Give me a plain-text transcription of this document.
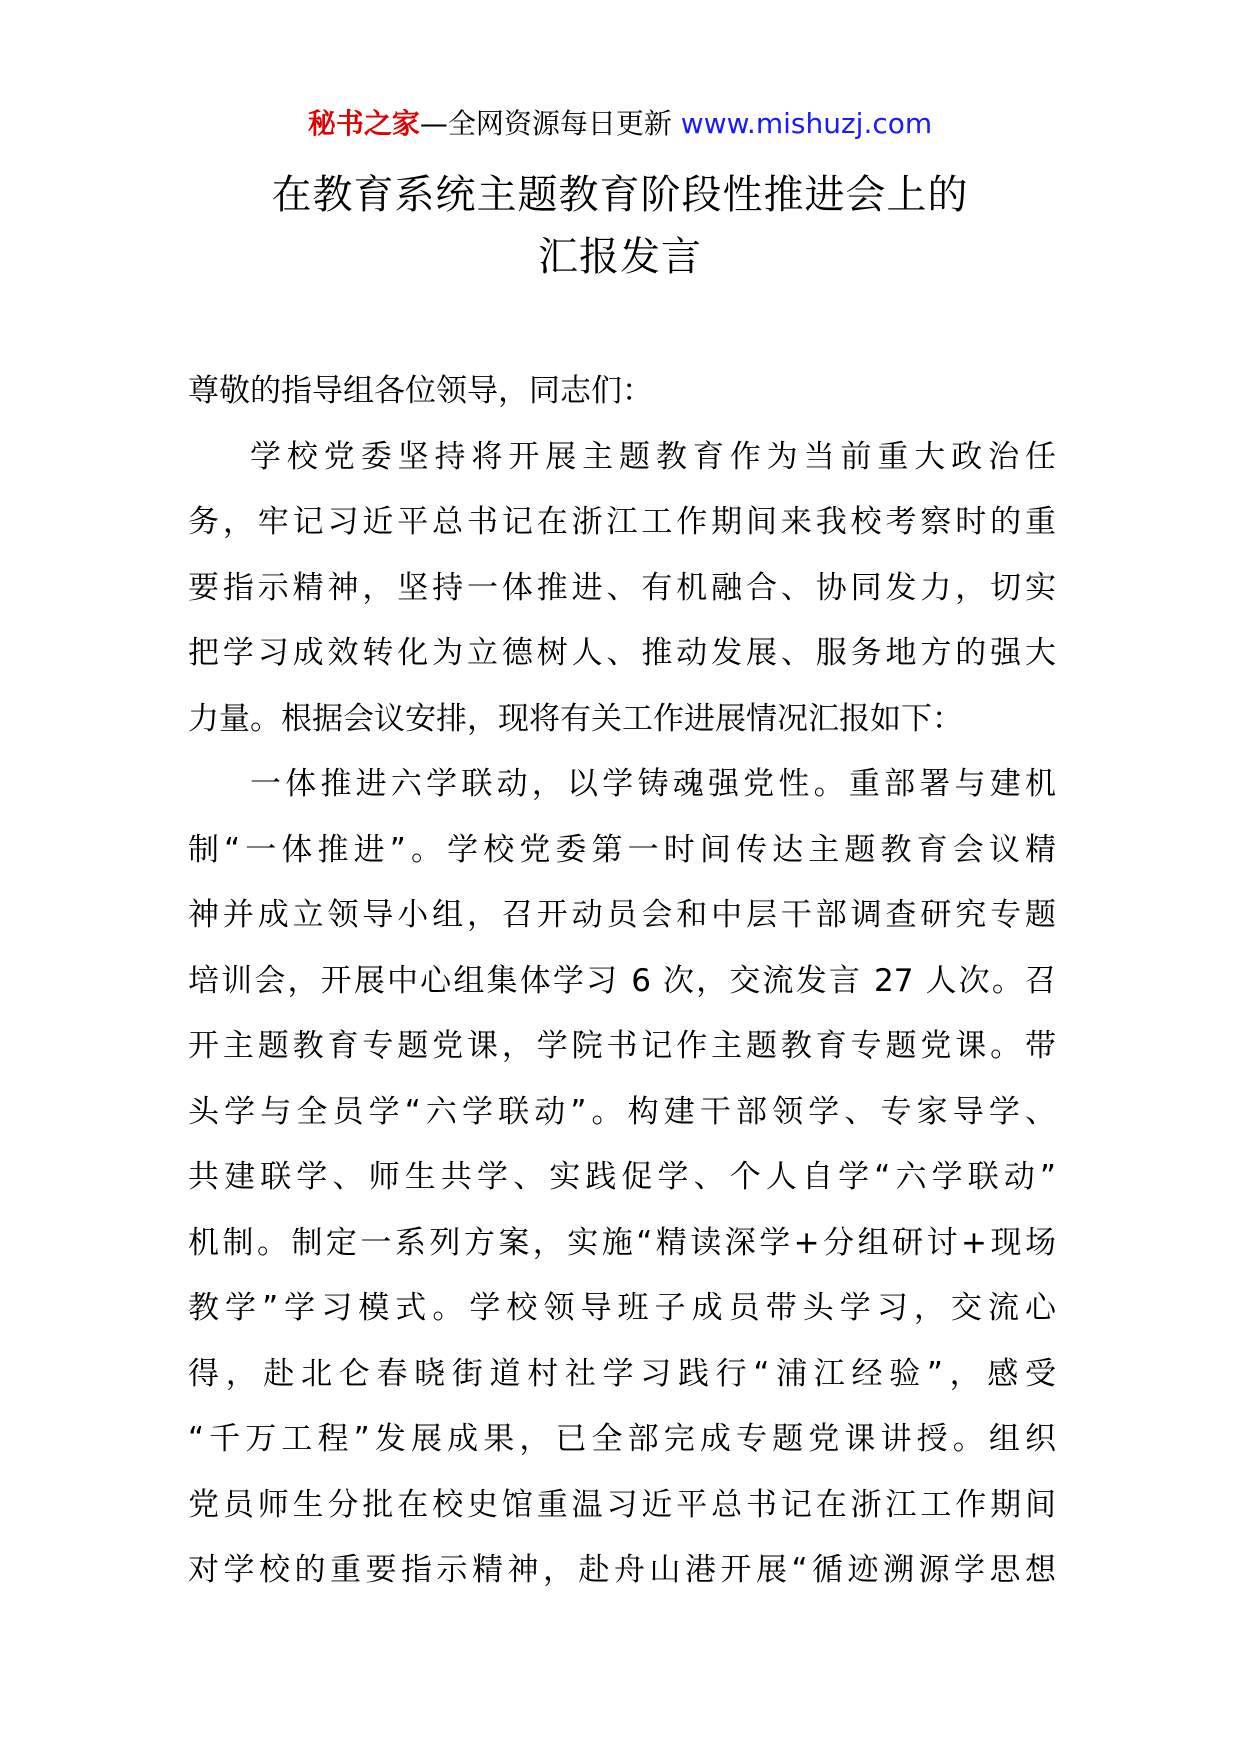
秘书之家—全网资源每日更新 www.mishuzj.com
在教育系统主题教育阶段性推进会上的
汇报发言
尊敬的指导组各位领导，同志们：
学校党委坚持将开展主题教育作为当前重大政治任
务，牢记习近平总书记在浙江工作期间来我校考察时的重
要指示精神，坚持一体推进、有机融合、协同发力，切实
把学习成效转化为立德树人、推动发展、服务地方的强大
力量。根据会议安排，现将有关工作进展情况汇报如下：
一体推进六学联动，以学铸魂强党性。重部署与建机
制“一体推进”。学校党委第一时间传达主题教育会议精
神并成立领导小组，召开动员会和中层干部调查研究专题
培训会，开展中心组集体学习 6 次，交流发言 27 人次。召
开主题教育专题党课，学院书记作主题教育专题党课。带
头学与全员学“六学联动”。构建干部领学、专家导学、
共建联学、师生共学、实践促学、个人自学“六学联动”
机制。制定一系列方案，实施“精读深学+分组研讨+现场
教学”学习模式。学校领导班子成员带头学习，交流心
得，赴北仑春晓街道村社学习践行“浦江经验”，感受
“千万工程”发展成果，已全部完成专题党课讲授。组织
党员师生分批在校史馆重温习近平总书记在浙江工作期间
对学校的重要指示精神，赴舟山港开展“循迹溯源学思想
